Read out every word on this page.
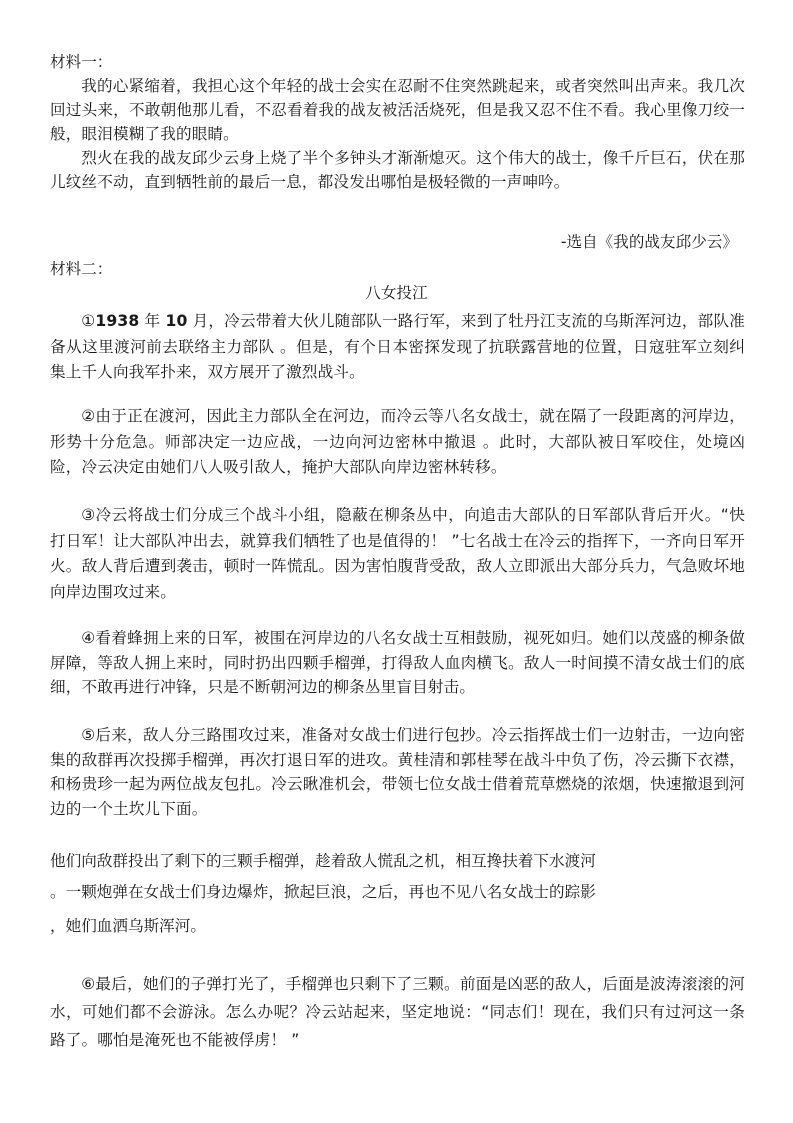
材料一：
我的心紧缩着，我担心这个年轻的战士会实在忍耐不住突然跳起来，或者突然叫出声来。我几次回过头来，不敢朝他那儿看，不忍看着我的战友被活活烧死，但是我又忍不住不看。我心里像刀绞一般，眼泪模糊了我的眼睛。
烈火在我的战友邱少云身上烧了半个多钟头才渐渐熄灭。这个伟大的战士，像千斤巨石，伏在那儿纹丝不动，直到牺牲前的最后一息，都没发出哪怕是极轻微的一声呻吟。
-选自《我的战友邱少云》
材料二：
八女投江
①1938 年 10 月，冷云带着大伙儿随部队一路行军，来到了牡丹江支流的乌斯浑河边，部队准备从这里渡河前去联络主力部队 。但是，有个日本密探发现了抗联露营地的位置，日寇驻军立刻纠集上千人向我军扑来，双方展开了激烈战斗。
②由于正在渡河，因此主力部队全在河边，而冷云等八名女战士，就在隔了一段距离的河岸边，形势十分危急。师部决定一边应战，一边向河边密林中撤退 。此时，大部队被日军咬住，处境凶险，冷云决定由她们八人吸引敌人，掩护大部队向岸边密林转移。
③冷云将战士们分成三个战斗小组，隐蔽在柳条丛中，向追击大部队的日军部队背后开火。“快打日军！让大部队冲出去，就算我们牺牲了也是值得的！ ”七名战士在冷云的指挥下，一齐向日军开火。敌人背后遭到袭击，顿时一阵慌乱。因为害怕腹背受敌，敌人立即派出大部分兵力，气急败坏地向岸边围攻过来。
④看着蜂拥上来的日军，被围在河岸边的八名女战士互相鼓励，视死如归。她们以茂盛的柳条做屏障，等敌人拥上来时，同时扔出四颗手榴弹，打得敌人血肉横飞。敌人一时间摸不清女战士们的底细，不敢再进行冲锋，只是不断朝河边的柳条丛里盲目射击。
⑤后来，敌人分三路围攻过来，准备对女战士们进行包抄。冷云指挥战士们一边射击，一边向密集的敌群再次投掷手榴弹，再次打退日军的进攻。黄桂清和郭桂琴在战斗中负了伤，冷云撕下衣襟，和杨贵珍一起为两位战友包扎。冷云瞅准机会，带领七位女战士借着荒草燃烧的浓烟，快速撤退到河边的一个土坎儿下面。
他们向敌群投出了剩下的三颗手榴弹，趁着敌人慌乱之机，相互搀扶着下水渡河
。一颗炮弹在女战士们身边爆炸，掀起巨浪，之后，再也不见八名女战士的踪影
，她们血洒乌斯浑河。
⑥最后，她们的子弹打光了，手榴弹也只剩下了三颗。前面是凶恶的敌人，后面是波涛滚滚的河水，可她们都不会游泳。怎么办呢？冷云站起来，坚定地说：“同志们！现在，我们只有过河这一条路了。哪怕是淹死也不能被俘虏！ ”
